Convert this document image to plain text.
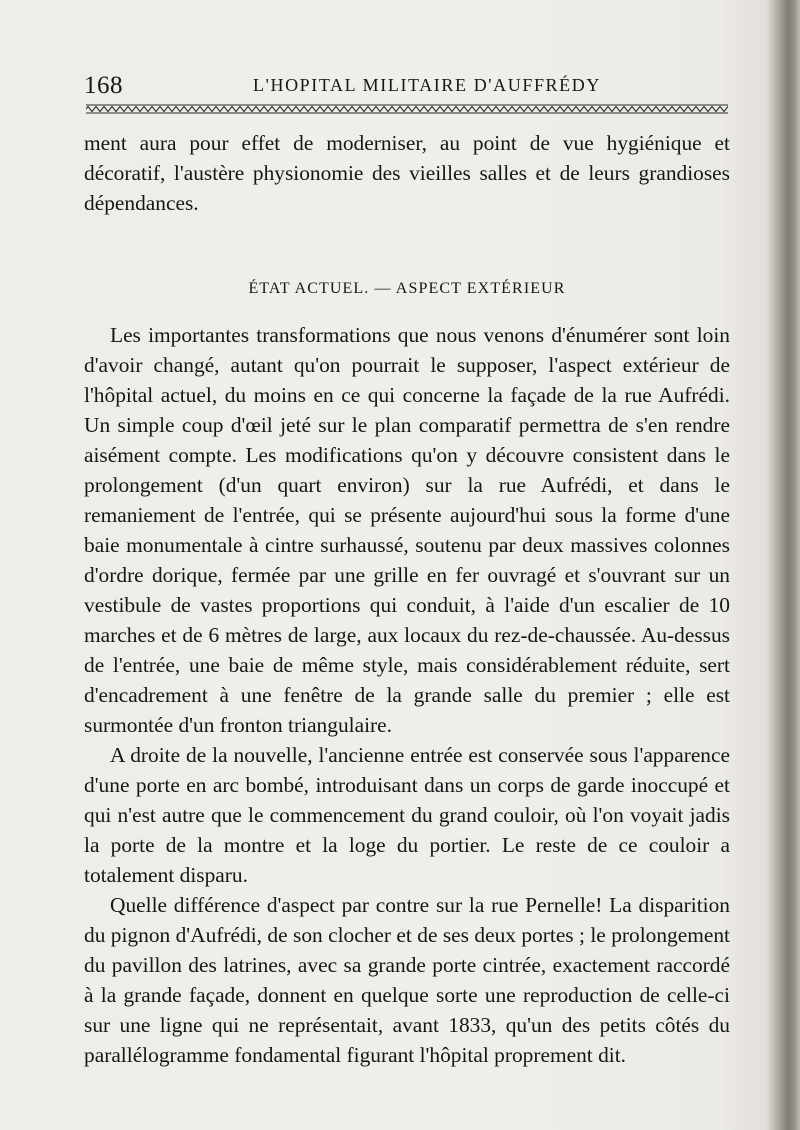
168	L'HOPITAL MILITAIRE D'AUFFRÉDY

ment aura pour effet de moderniser, au point de vue hygiénique et décoratif, l'austère physionomie des vieilles salles et de leurs grandioses dépendances.

ÉTAT ACTUEL. — ASPECT EXTÉRIEUR

Les importantes transformations que nous venons d'énumérer sont loin d'avoir changé, autant qu'on pourrait le supposer, l'aspect extérieur de l'hôpital actuel, du moins en ce qui concerne la façade de la rue Aufrédi. Un simple coup d'œil jeté sur le plan comparatif permettra de s'en rendre aisément compte. Les modifications qu'on y découvre consistent dans le prolongement (d'un quart environ) sur la rue Aufrédi, et dans le remaniement de l'entrée, qui se présente aujourd'hui sous la forme d'une baie monumentale à cintre surhaussé, soutenu par deux massives colonnes d'ordre dorique, fermée par une grille en fer ouvragé et s'ouvrant sur un vestibule de vastes proportions qui conduit, à l'aide d'un escalier de 10 marches et de 6 mètres de large, aux locaux du rez-de-chaussée. Au-dessus de l'entrée, une baie de même style, mais considérablement réduite, sert d'encadrement à une fenêtre de la grande salle du premier ; elle est surmontée d'un fronton triangulaire.

A droite de la nouvelle, l'ancienne entrée est conservée sous l'apparence d'une porte en arc bombé, introduisant dans un corps de garde inoccupé et qui n'est autre que le commencement du grand couloir, où l'on voyait jadis la porte de la montre et la loge du portier. Le reste de ce couloir a totalement disparu.

Quelle différence d'aspect par contre sur la rue Pernelle! La disparition du pignon d'Aufrédi, de son clocher et de ses deux portes ; le prolongement du pavillon des latrines, avec sa grande porte cintrée, exactement raccordé à la grande façade, donnent en quelque sorte une reproduction de celle-ci sur une ligne qui ne représentait, avant 1833, qu'un des petits côtés du parallélogramme fondamental figurant l'hôpital proprement dit.
